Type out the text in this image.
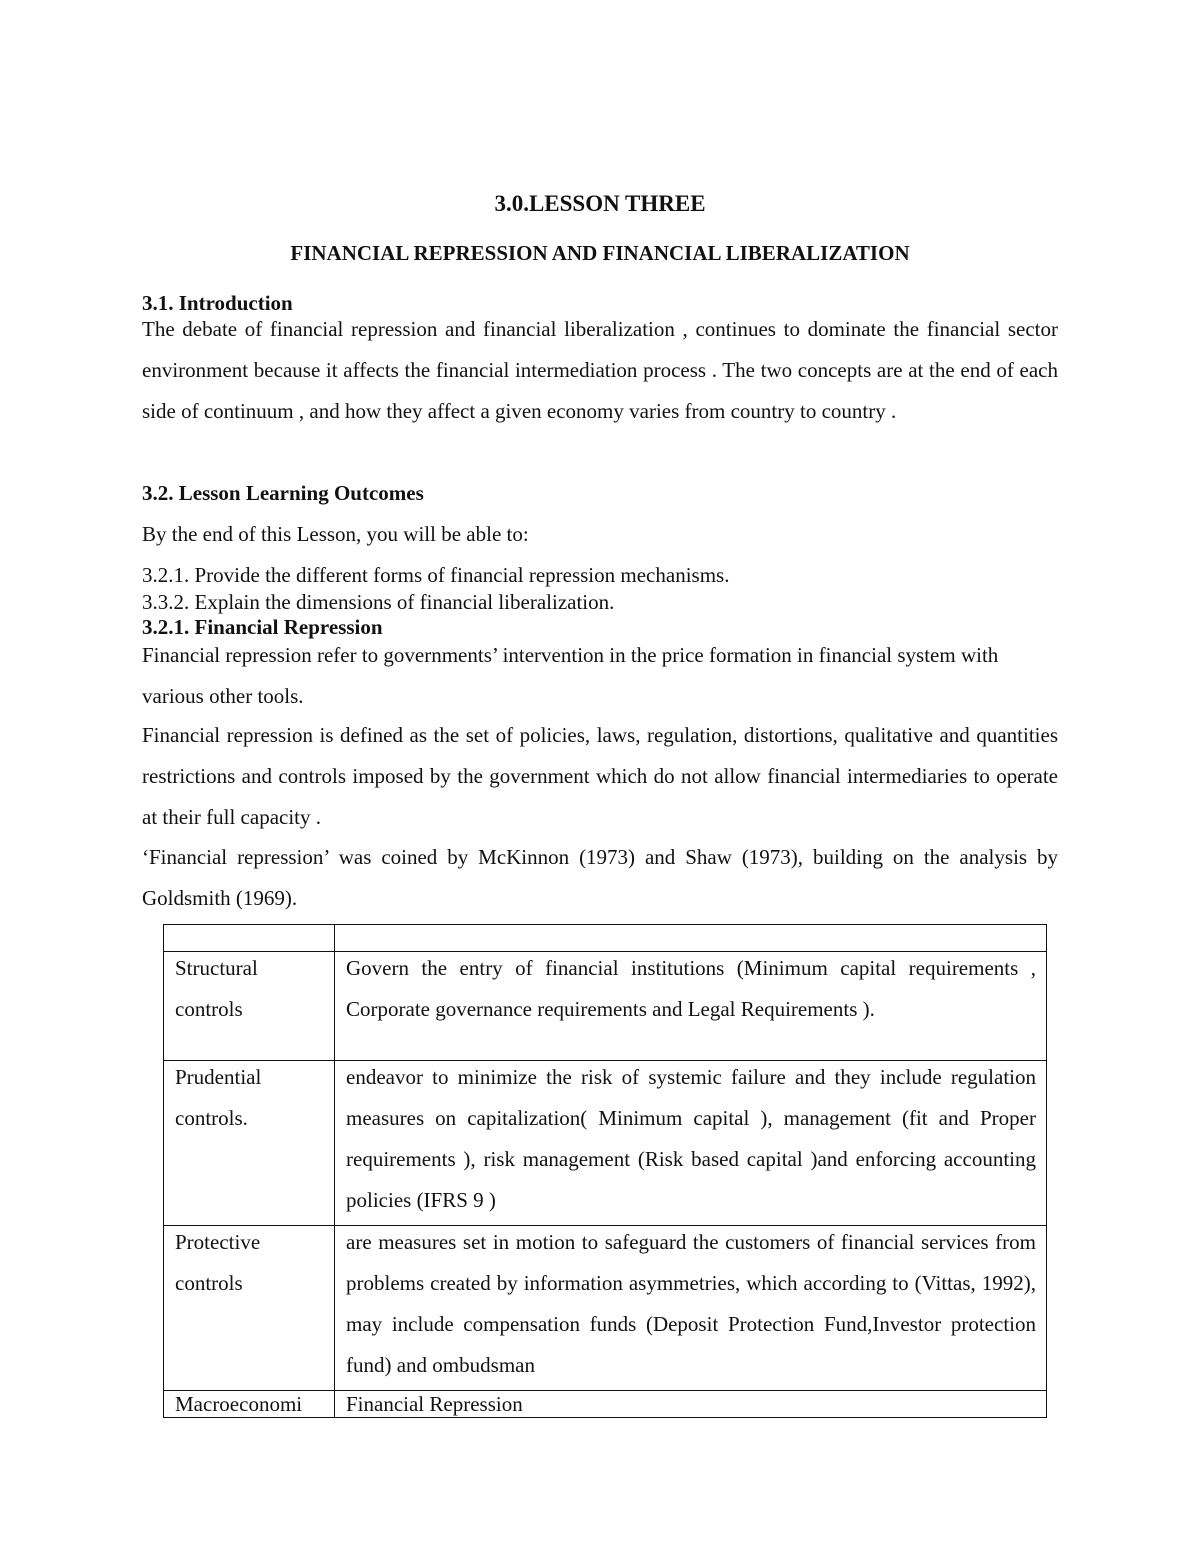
3.0.LESSON THREE
FINANCIAL REPRESSION AND FINANCIAL LIBERALIZATION
3.1. Introduction
The debate of financial repression and financial liberalization , continues to dominate the financial sector environment because it affects the financial intermediation process . The two concepts are at the end of each side of continuum , and how they affect a given economy varies from country to country .
3.2. Lesson Learning Outcomes
By the end of this Lesson, you will be able to:
3.2.1. Provide the different forms of financial repression mechanisms.
3.3.2. Explain the dimensions of financial liberalization.
3.2.1. Financial Repression
Financial repression refer to governments’ intervention in the price formation in financial system with various other tools.
Financial repression is defined as the set of policies, laws, regulation, distortions, qualitative and quantities restrictions and controls imposed by the government which do not allow financial intermediaries to operate at their full capacity .
‘Financial repression’ was coined by McKinnon (1973) and Shaw (1973), building on the analysis by Goldsmith (1969).

Structural controls	Govern the entry of financial institutions (Minimum capital requirements , Corporate governance requirements and Legal Requirements ).

Prudential controls.	endeavor to minimize the risk of systemic failure and they include regulation measures on capitalization( Minimum capital ), management (fit and Proper requirements ), risk management (Risk based capital )and enforcing accounting policies (IFRS 9 )

Protective controls	are measures set in motion to safeguard the customers of financial services from problems created by information asymmetries, which according to (Vittas, 1992), may include compensation funds (Deposit Protection Fund,Investor protection fund) and ombudsman

Macroeconomi	Financial Repression
